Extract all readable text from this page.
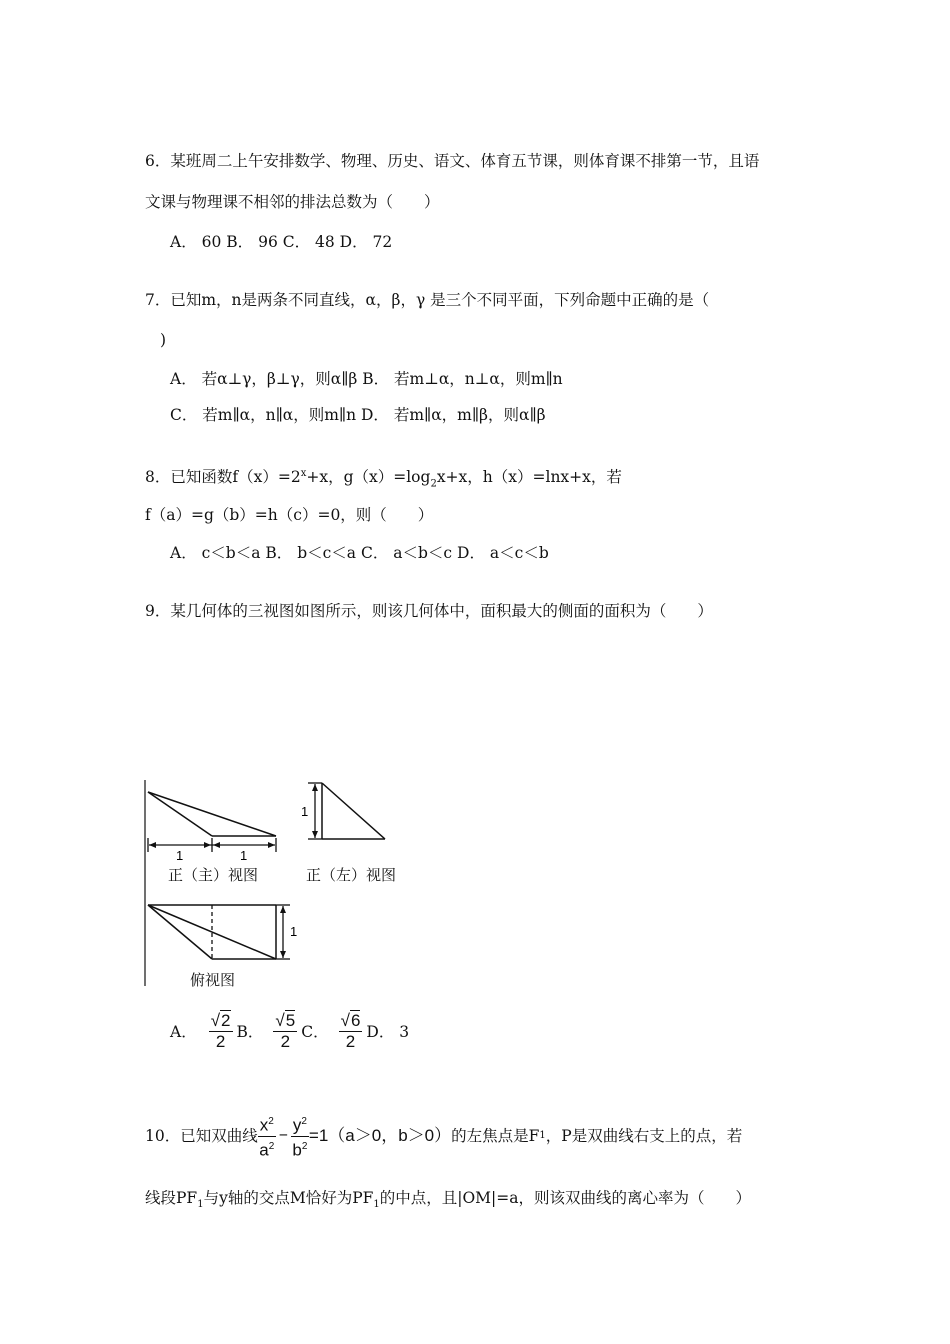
6．某班周二上午安排数学、物理、历史、语文、体育五节课，则体育课不排第一节，且语
文课与物理课不相邻的排法总数为（　　）
A． 60 B． 96 C． 48 D． 72
7．已知m，n是两条不同直线，α，β，γ 是三个不同平面，下列命题中正确的是（
)
A． 若α⊥γ，β⊥γ，则α∥β B． 若m⊥α，n⊥α，则m∥n
C． 若m∥α，n∥α，则m∥n D． 若m∥α，m∥β，则α∥β
8．已知函数$f(x)=2^x+x$，$g(x)=\log_2x+x$，h（x）=lnx+x，若
f（a）=g（b）=h（c）=0，则（　　）
A． c＜b＜a B． b＜c＜a C． a＜b＜c D． a＜c＜b
9．某几何体的三视图如图所示，则该几何体中，面积最大的侧面的面积为（　　）
1	1
1
1
正（主）视图	正（左）视图
俯视图
A． $\frac{√2}{2}$ B． $\frac{√5}{2}$ C． $\frac{√6}{2}$ D． 3
10．已知双曲线 $\frac{x^2}{a^2} - \frac{y^2}{b^2} =1(a>0$，b＞0） 的左焦点是F 1 ，P是双曲线右支上的点，若
线段$PF_1$与y轴的交点M恰好为$PF_1$的中点，且|OM|=a，则该双曲线的离心率为（　　）
